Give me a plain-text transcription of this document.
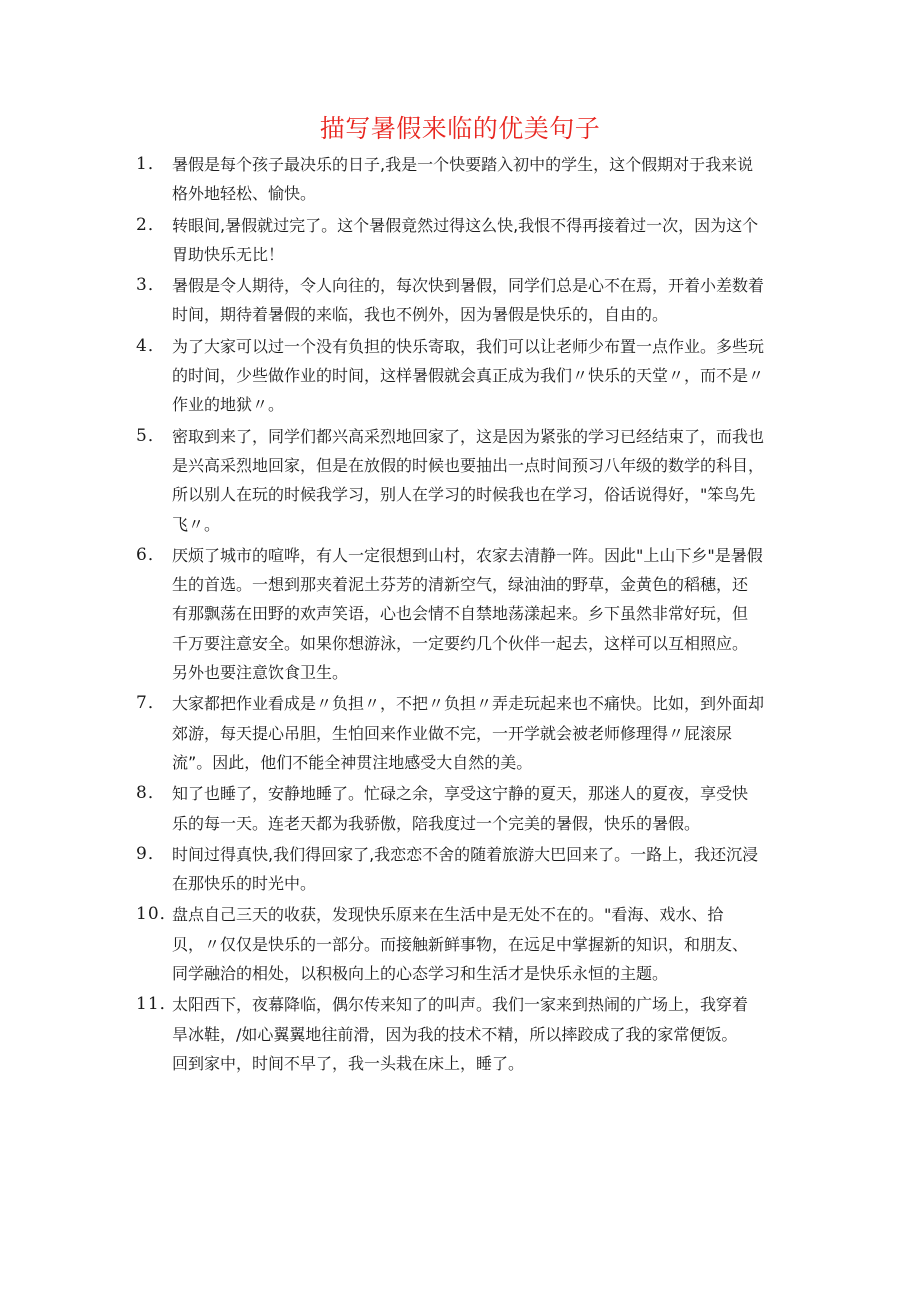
描写暑假来临的优美句子
1． 暑假是每个孩子最决乐的日子,我是一个快要踏入初中的学生，这个假期对于我来说
格外地轻松、愉快。
2． 转眼间,暑假就过完了。这个暑假竟然过得这么快,我恨不得再接着过一次，因为这个
胃助快乐无比！
3． 暑假是令人期待，令人向往的，每次快到暑假，同学们总是心不在焉，开着小差数着
时间，期待着暑假的来临，我也不例外，因为暑假是快乐的，自由的。
4． 为了大家可以过一个没有负担的快乐寄取，我们可以让老师少布置一点作业。多些玩
的时间，少些做作业的时间，这样暑假就会真正成为我们〃快乐的天堂〃，而不是〃
作业的地狱〃。
5． 密取到来了，同学们都兴高采烈地回家了，这是因为紧张的学习已经结束了，而我也
是兴高采烈地回家，但是在放假的时候也要抽出一点时间预习八年级的数学的科目，
所以别人在玩的时候我学习，别人在学习的时候我也在学习，俗话说得好，"笨鸟先
飞〃。
6． 厌烦了城市的喧哗，有人一定很想到山村，农家去清静一阵。因此"上山下乡"是暑假
生的首选。一想到那夹着泥土芬芳的清新空气，绿油油的野草，金黄色的稻穗，还
有那飘荡在田野的欢声笑语，心也会情不自禁地荡漾起来。乡下虽然非常好玩，但
千万要注意安全。如果你想游泳，一定要约几个伙伴一起去，这样可以互相照应。
另外也要注意饮食卫生。
7． 大家都把作业看成是〃负担〃，不把〃负担〃弄走玩起来也不痛快。比如，到外面却
郊游，每天提心吊胆，生怕回来作业做不完，一开学就会被老师修理得〃屁滚尿
流”。因此，他们不能全神贯注地感受大自然的美。
8． 知了也睡了，安静地睡了。忙碌之余，享受这宁静的夏天，那迷人的夏夜，享受快
乐的每一天。连老天都为我骄傲，陪我度过一个完美的暑假，快乐的暑假。
9． 时间过得真快,我们得回家了,我恋恋不舍的随着旅游大巴回来了。一路上，我还沉浸
在那快乐的时光中。
10．
盘点自己三天的收获，发现快乐原来在生活中是无处不在的。"看海、戏水、拾
贝，〃仅仅是快乐的一部分。而接触新鲜事物，在远足中掌握新的知识，和朋友、
同学融洽的相处，以积极向上的心态学习和生活才是快乐永恒的主题。
11．
太阳西下，夜幕降临，偶尔传来知了的叫声。我们一家来到热闹的广场上，我穿着
旱冰鞋，/如心翼翼地往前滑，因为我的技术不精，所以摔跤成了我的家常便饭。
回到家中，时间不早了，我一头栽在床上，睡了。
